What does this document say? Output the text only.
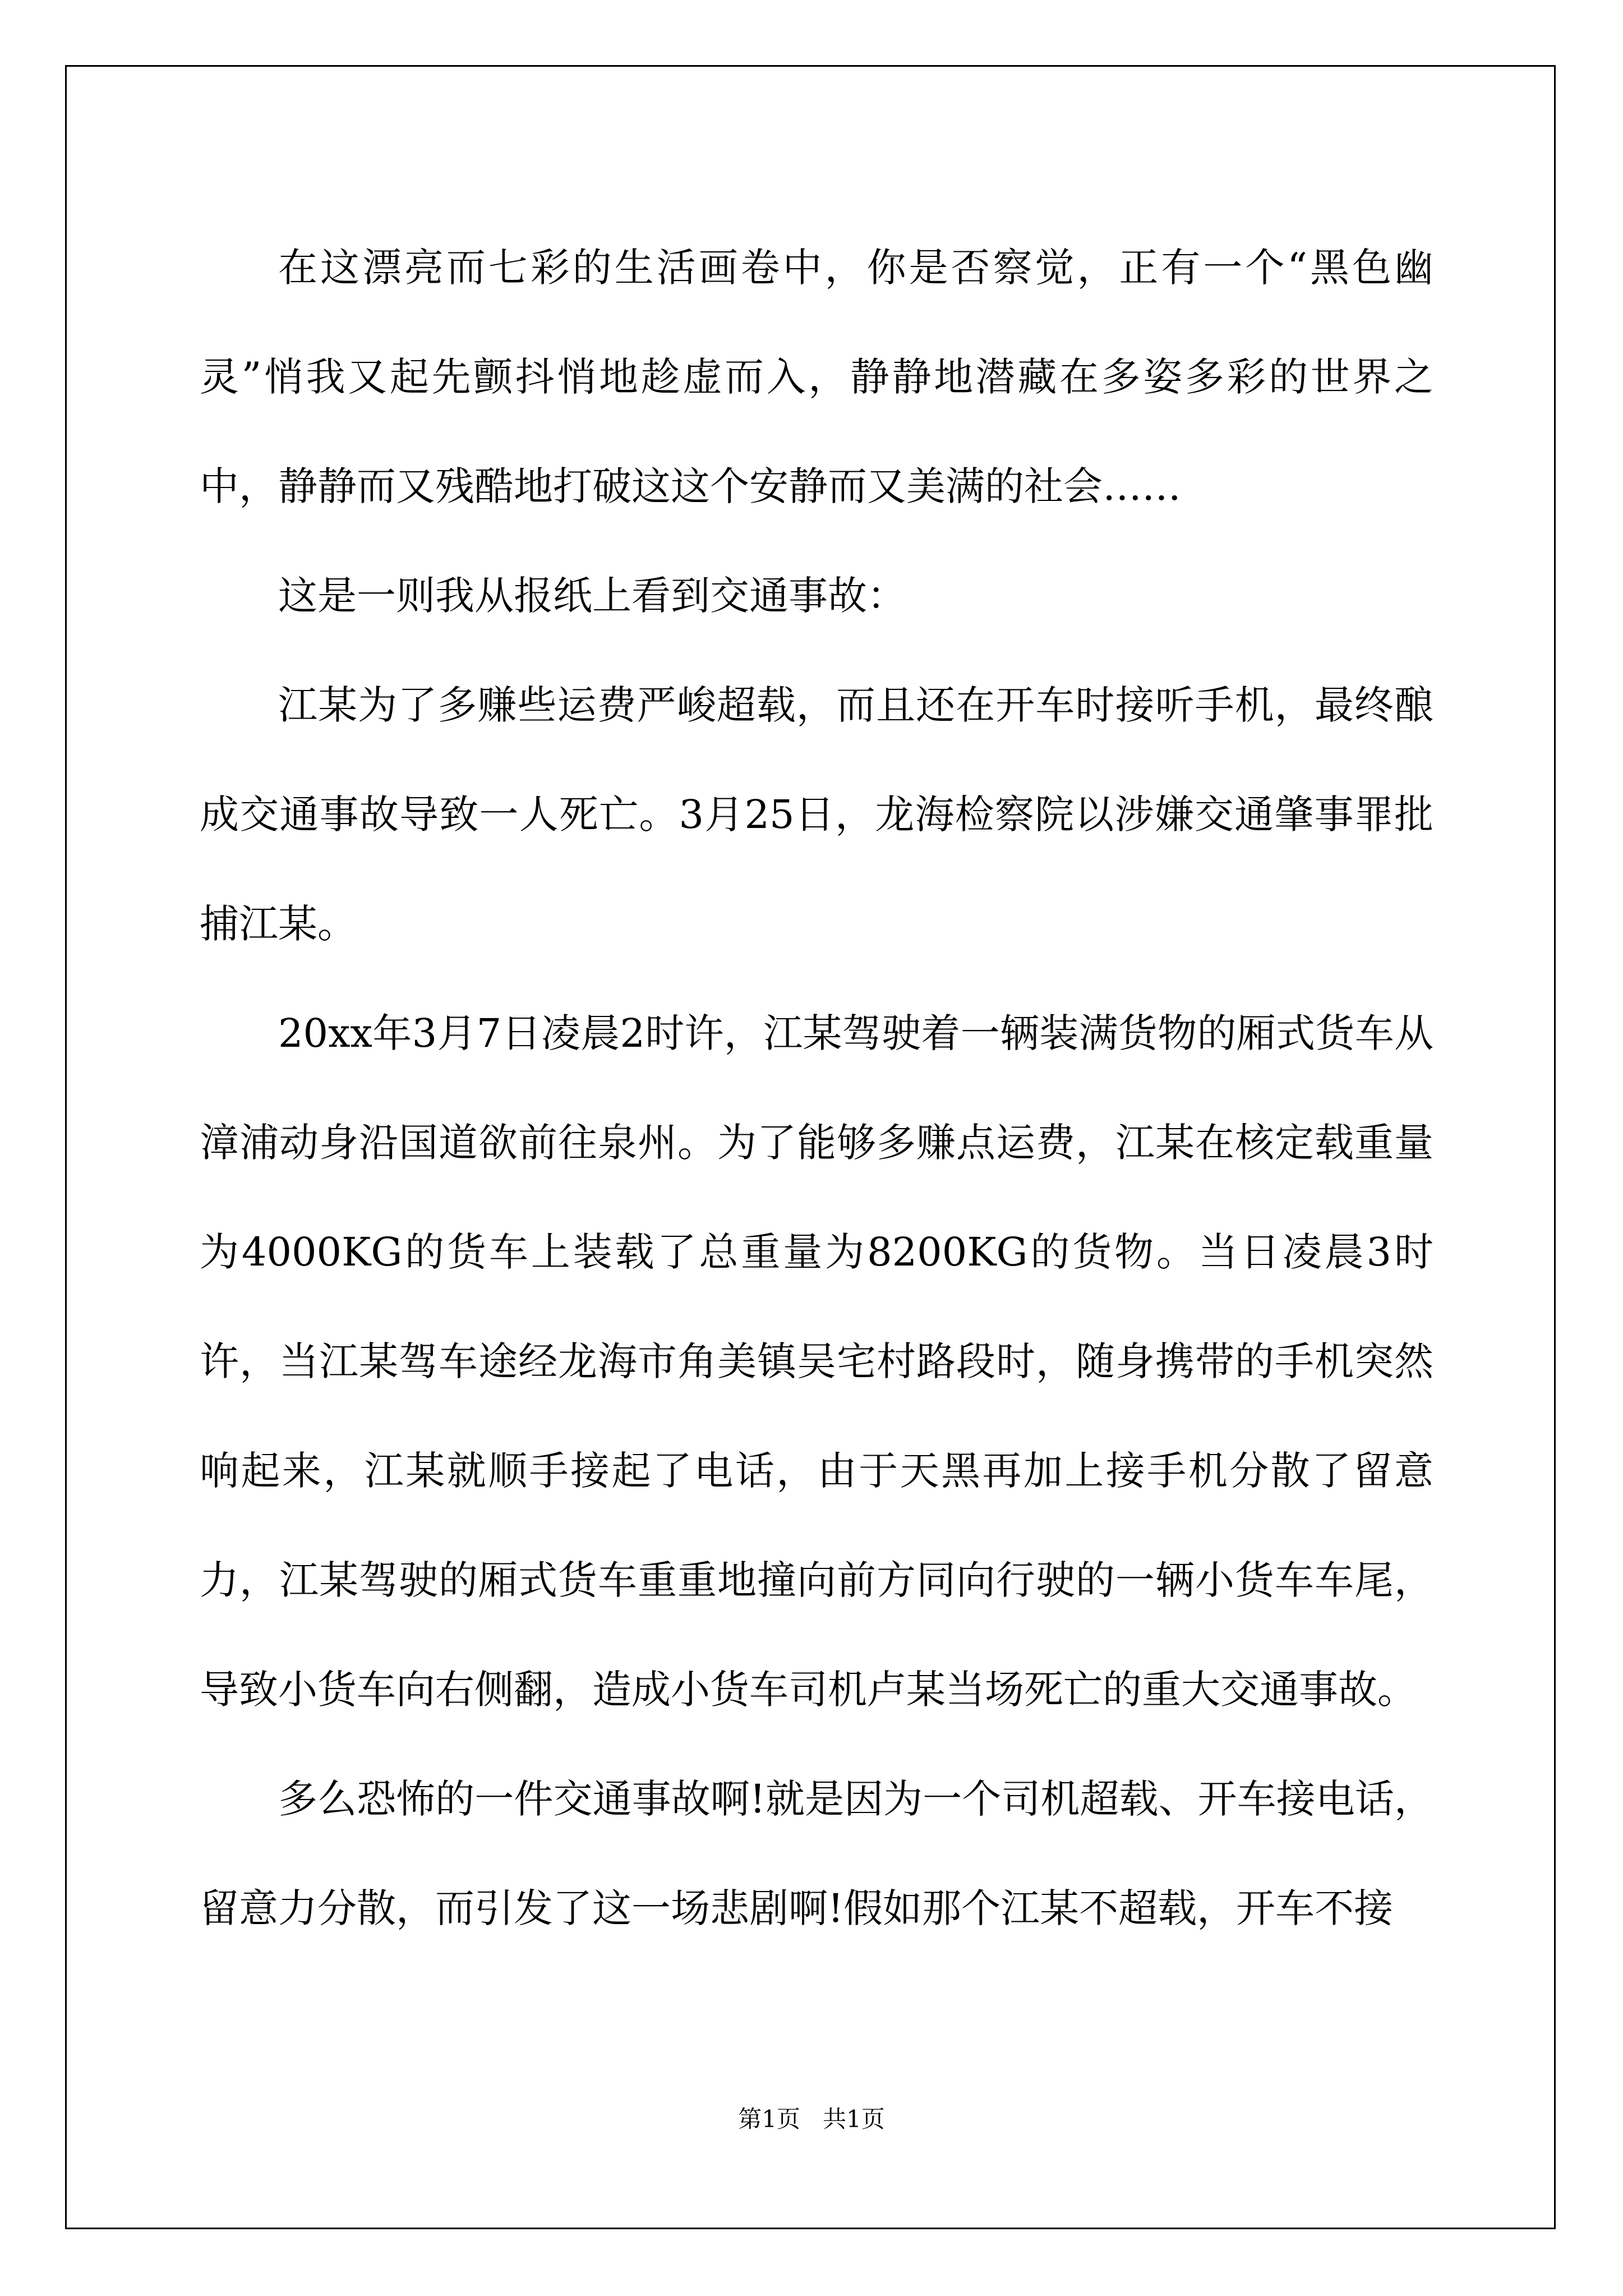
在这漂亮而七彩的生活画卷中，你是否察觉，正有一个“黑色幽灵”悄我又起先颤抖悄地趁虚而入，静静地潜藏在多姿多彩的世界之中，静静而又残酷地打破这这个安静而又美满的社会……

这是一则我从报纸上看到交通事故：

江某为了多赚些运费严峻超载，而且还在开车时接听手机，最终酿成交通事故导致一人死亡。3月25日，龙海检察院以涉嫌交通肇事罪批捕江某。

20xx年3月7日凌晨2时许，江某驾驶着一辆装满货物的厢式货车从漳浦动身沿国道欲前往泉州。为了能够多赚点运费，江某在核定载重量为4000KG的货车上装载了总重量为8200KG的货物。当日凌晨3时许，当江某驾车途经龙海市角美镇吴宅村路段时，随身携带的手机突然响起来，江某就顺手接起了电话，由于天黑再加上接手机分散了留意力，江某驾驶的厢式货车重重地撞向前方同向行驶的一辆小货车车尾，导致小货车向右侧翻，造成小货车司机卢某当场死亡的重大交通事故。

多么恐怖的一件交通事故啊!就是因为一个司机超载、开车接电话，留意力分散，而引发了这一场悲剧啊!假如那个江某不超载，开车不接

第1页 共1页
